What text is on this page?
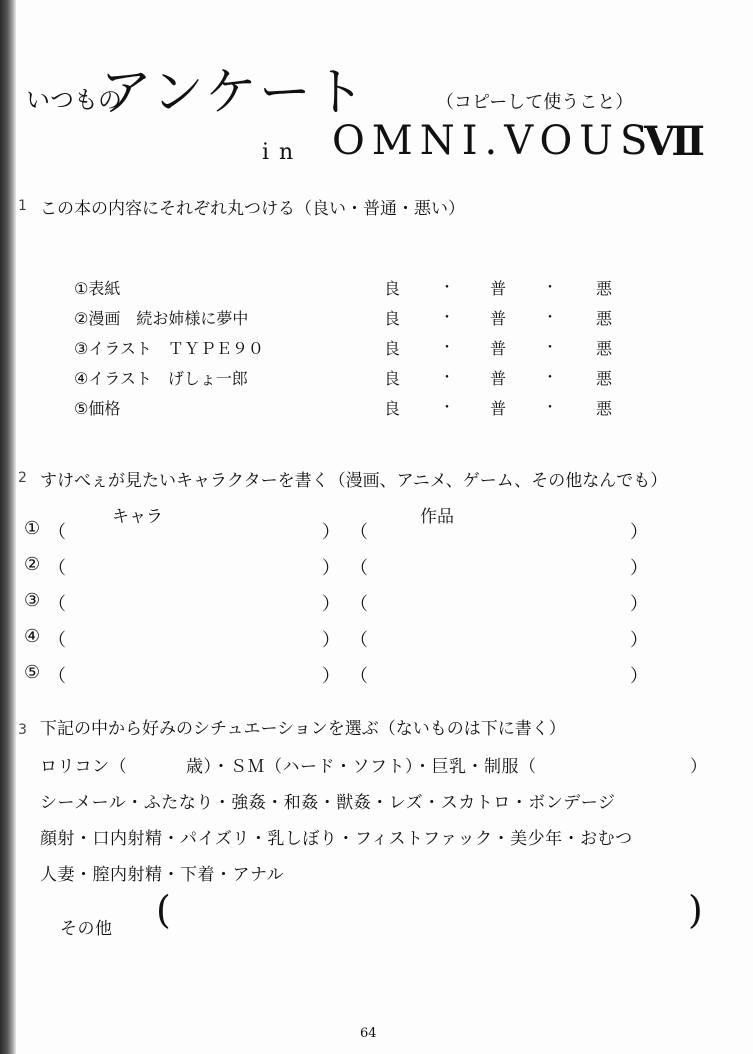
いつもの
アンケート	（コピーして使うこと）
in OMNI.VOUS
Ⅶ
1 この本の内容にそれぞれ丸つける（良い・普通・悪い）
①表紙	良	・ 普	・ 悪
②漫画　続お姉様に夢中	良	・ 普	・ 悪
③イラスト　ＴＹＰＥ９０	良	・ 普	・ 悪
④イラスト　げしょ一郎	良	・ 普	・ 悪
⑤価格	良	・ 普	・ 悪
2 すけべぇが見たいキャラクターを書く（漫画、アニメ、ゲーム、その他なんでも）
キャラ	作品
① （	） （	）
② （	） （	）
③ （	） （	）
④ （	） （	）
⑤ （	） （	）
3 下記の中から好みのシチュエーションを選ぶ（ないものは下に書く）
ロリコン（	歳）・ＳＭ（ハード・ソフト）・巨乳・制服（	）
シーメール・ふたなり・強姦・和姦・獣姦・レズ・スカトロ・ボンデージ
顔射・口内射精・パイズリ・乳しぼり・フィストファック・美少年・おむつ
人妻・膣内射精・下着・アナル
その他 (	)
64
